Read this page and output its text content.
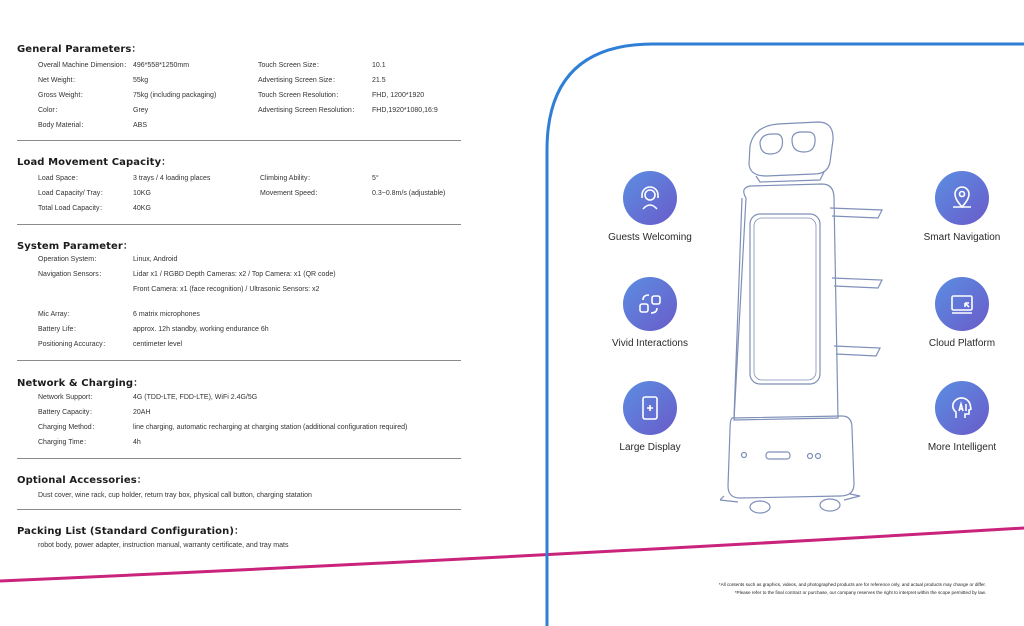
General Parameters：
Overall Machine Dimension： 496*558*1250mm
Net Weight：	55kg
Gross Weight：	75kg (including packaging)
Color：	Grey
Body Material：	ABS
Touch Screen Size：	10.1
Advertising Screen Size：	21.5
Touch Screen Resolution：	FHD, 1200*1920
Advertising Screen Resolution： FHD,1920*1080,16:9
Load Movement Capacity：
Load Space：	3 trays / 4 loading places
Load Capacity/ Tray：	10KG
Total Load Capacity：	40KG
Climbing Ability：	5°
Movement Speed：	0.3~0.8m/s (adjustable)
System Parameter：
Operation System：	Linux, Android
Navigation Sensors：	Lidar x1 / RGBD Depth Cameras: x2 / Top Camera: x1 (QR code)
Front Camera: x1 (face recognition) / Ultrasonic Sensors: x2
Mic Array：	6 matrix microphones
Battery Life：	approx. 12h standby, working endurance 6h
Positioning Accuracy：	centimeter level
Network & Charging：
Network Support：	4G (TDD-LTE, FDD-LTE), WiFi 2.4G/5G
Battery Capacity：	20AH
Charging Method：	line charging, automatic recharging at charging station (additional configuration required)
Charging Time：	4h
Optional Accessories：
Dust cover, wine rack, cup holder, return tray box, physical call button, charging statation
Packing List (Standard Configuration)：
robot body, power adapter, instruction manual, warranty certificate, and tray mats
Guests Welcoming	Smart Navigation
Vivid Interactions	Cloud Platform
Large Display	More Intelligent
*All contents such as graphics, videos, and photographed products are for reference only, and actual products may change or differ.
*Please refer to the final contract or purchase, our company reserves the right to interpret within the scope permitted by law.
